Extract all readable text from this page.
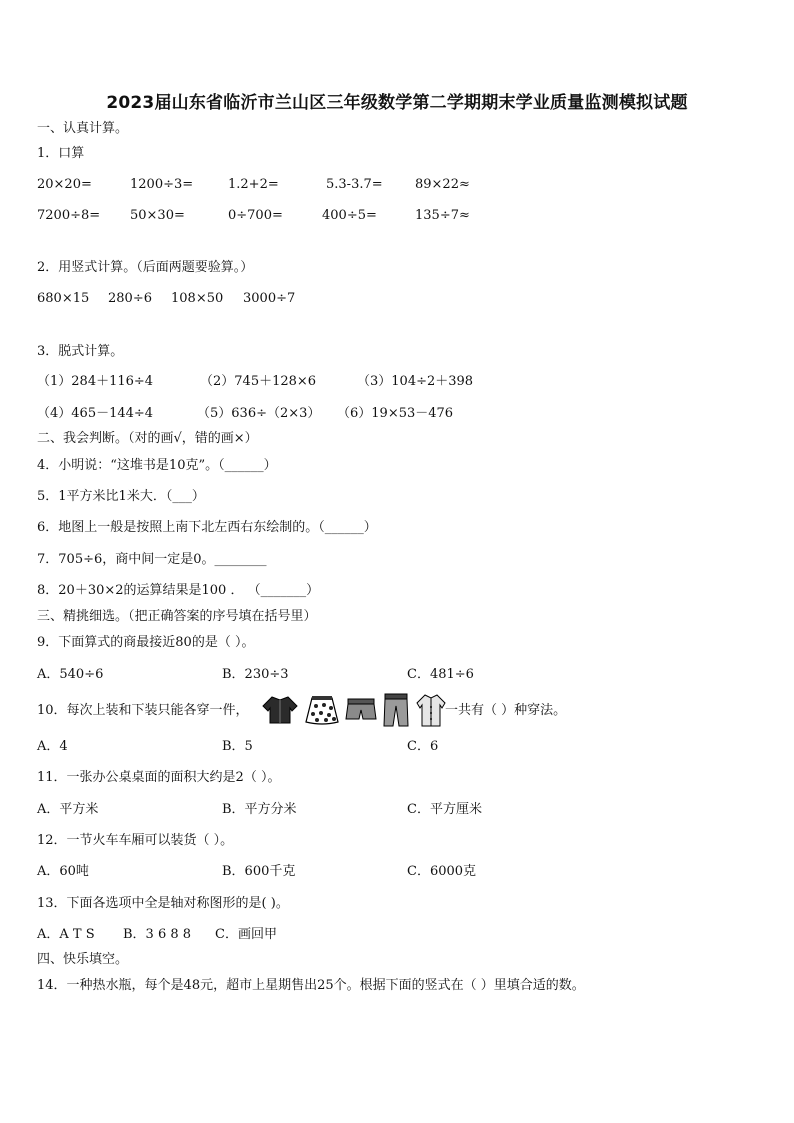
2023届山东省临沂市兰山区三年级数学第二学期期末学业质量监测模拟试题
一、认真计算。
1．口算
20×20=	1200÷3=	1.2+2=	5.3-3.7= 89×22≈
7200÷8= 50×30=	0÷700=	400÷5=	135÷7≈
2．用竖式计算。（后面两题要验算。）
680×15 280÷6 108×50 3000÷7
3．脱式计算。
（1）284＋116÷4	（2）745＋128×6	（3）104÷2＋398
（4）465－144÷4	（5）636÷（2×3） （6）19×53－476
二、我会判断。（对的画√，错的画×）
4．小明说：“这堆书是10克”。（______）
5．1平方米比1米大．（___）
6．地图上一般是按照上南下北左西右东绘制的。（______）
7．705÷6，商中间一定是0。________
8．20＋30×2的运算结果是100 ． （_______）
三、精挑细选。（把正确答案的序号填在括号里）
9．下面算式的商最接近80的是（ ）。
A．540÷6	B．230÷3	C．481÷6
10．每次上装和下装只能各穿一件，	一共有（ ）种穿法。
A．4	B．5	C．6
11．一张办公桌桌面的面积大约是2（ ）。
A．平方米	B．平方分米	C．平方厘米
12．一节火车车厢可以装货（ ）。
A．60吨	B．600千克	C．6000克
13．下面各选项中全是轴对称图形的是( )。
A．A T S B．3 6 8 8 C．画回甲
四、快乐填空。
14．一种热水瓶，每个是48元，超市上星期售出25个。根据下面的竖式在（ ）里填合适的数。
